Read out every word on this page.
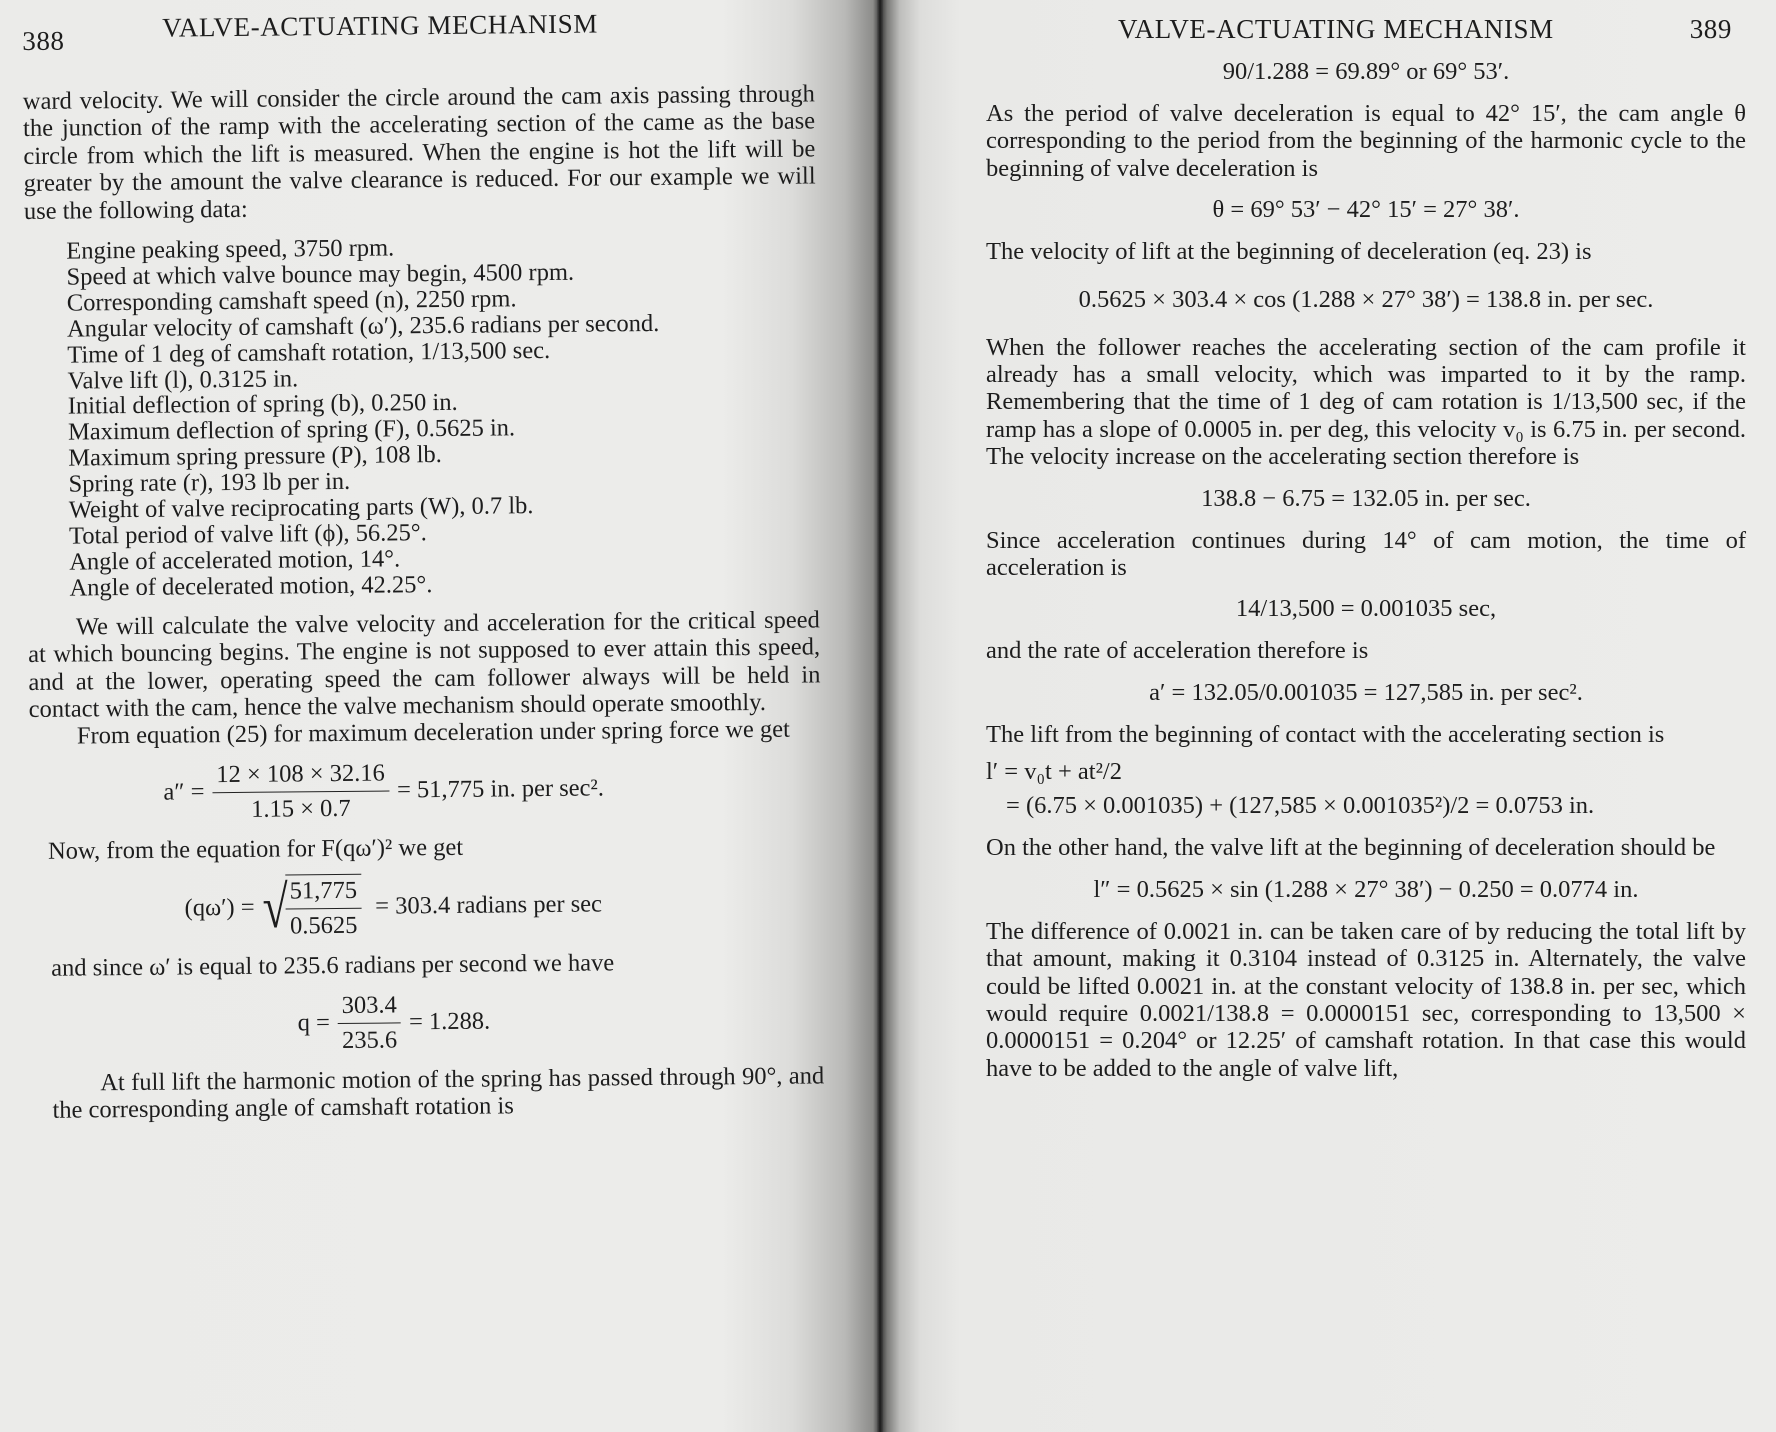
388	VALVE-ACTUATING MECHANISM

ward velocity. We will consider the circle around the cam axis passing through the junction of the ramp with the accelerating section of the came as the base circle from which the lift is measured. When the engine is hot the lift will be greater by the amount the valve clearance is reduced. For our example we will use the following data:

Engine peaking speed, 3750 rpm.
Speed at which valve bounce may begin, 4500 rpm.
Corresponding camshaft speed (n), 2250 rpm.
Angular velocity of camshaft (ω′), 235.6 radians per second.
Time of 1 deg of camshaft rotation, 1/13,500 sec.
Valve lift (l), 0.3125 in.
Initial deflection of spring (b), 0.250 in.
Maximum deflection of spring (F), 0.5625 in.
Maximum spring pressure (P), 108 lb.
Spring rate (r), 193 lb per in.
Weight of valve reciprocating parts (W), 0.7 lb.
Total period of valve lift (ϕ), 56.25°.
Angle of accelerated motion, 14°.
Angle of decelerated motion, 42.25°.

We will calculate the valve velocity and acceleration for the critical speed at which bouncing begins. The engine is not supposed to ever attain this speed, and at the lower, operating speed the cam follower always will be held in contact with the cam, hence the valve mechanism should operate smoothly.

From equation (25) for maximum deceleration under spring force we get

$a'' = \frac{12 \times 108 \times 32.16}{1.15 \times 0.7} = 51,775$ in. per sec².

Now, from the equation for F(qω′)² we get

(qω′) = √
$\frac{51,775}{0.5625} = 303.4$ radians per sec

and since ω′ is equal to 235.6 radians per second we have

$q = \frac{303.4}{235.6} = 1.288$.

At full lift the harmonic motion of the spring has passed through 90°, and the corresponding angle of camshaft rotation is

VALVE-ACTUATING MECHANISM	389
90/1.288 = 69.89° or 69° 53′.

As the period of valve deceleration is equal to 42° 15′, the cam angle θ corresponding to the period from the beginning of the harmonic cycle to the beginning of valve deceleration is

θ = 69° 53′ − 42° 15′ = 27° 38′.

The velocity of lift at the beginning of deceleration (eq. 23) is

0.5625 × 303.4 × cos (1.288 × 27° 38′) = 138.8 in. per sec.

When the follower reaches the accelerating section of the cam profile it already has a small velocity, which was imparted to it by the ramp. Remembering that the time of 1 deg of cam rotation is 1/13,500 sec, if the ramp has a slope of 0.0005 in. per deg, this velocity v₀ is 6.75 in. per second. The velocity increase on the accelerating section therefore is

138.8 − 6.75 = 132.05 in. per sec.

Since acceleration continues during 14° of cam motion, the time of acceleration is

14/13,500 = 0.001035 sec,

and the rate of acceleration therefore is

a′ = 132.05/0.001035 = 127,585 in. per sec².

The lift from the beginning of contact with the accelerating section is

l′ = v₀t + at²/2
= (6.75 × 0.001035) + (127,585 × 0.001035²)/2 = 0.0753 in.

On the other hand, the valve lift at the beginning of deceleration should be

l″ = 0.5625 × sin (1.288 × 27° 38′) − 0.250 = 0.0774 in.

The difference of 0.0021 in. can be taken care of by reducing the total lift by that amount, making it 0.3104 instead of 0.3125 in. Alternately, the valve could be lifted 0.0021 in. at the constant velocity of 138.8 in. per sec, which would require 0.0021/138.8 = 0.0000151 sec, corresponding to 13,500 × 0.0000151 = 0.204° or 12.25′ of camshaft rotation. In that case this would have to be added to the angle of valve lift,
